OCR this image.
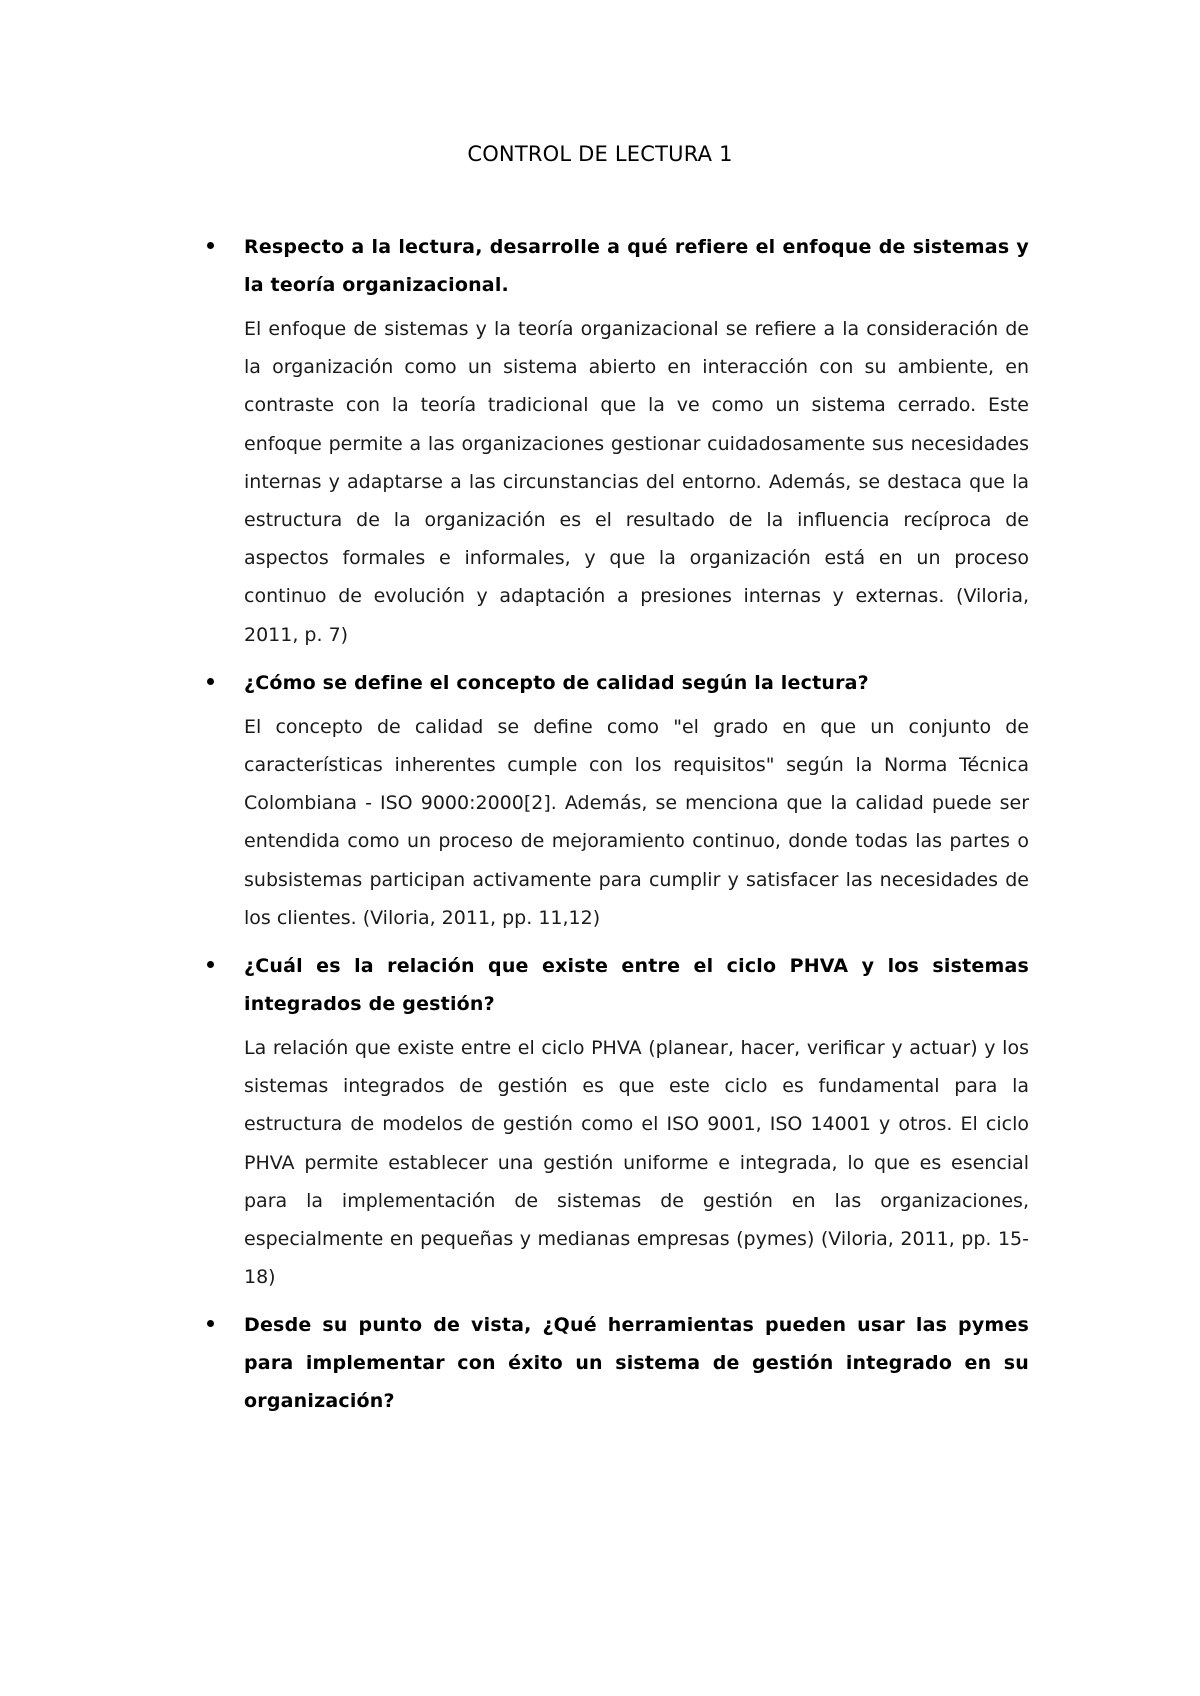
CONTROL DE LECTURA 1

Respecto a la lectura, desarrolle a qué refiere el enfoque de sistemas y la teoría organizacional.

El enfoque de sistemas y la teoría organizacional se refiere a la consideración de la organización como un sistema abierto en interacción con su ambiente, en contraste con la teoría tradicional que la ve como un sistema cerrado. Este enfoque permite a las organizaciones gestionar cuidadosamente sus necesidades internas y adaptarse a las circunstancias del entorno. Además, se destaca que la estructura de la organización es el resultado de la influencia recíproca de aspectos formales e informales, y que la organización está en un proceso continuo de evolución y adaptación a presiones internas y externas. (Viloria, 2011, p. 7)

¿Cómo se define el concepto de calidad según la lectura?

El concepto de calidad se define como "el grado en que un conjunto de características inherentes cumple con los requisitos" según la Norma Técnica Colombiana - ISO 9000:2000[2]. Además, se menciona que la calidad puede ser entendida como un proceso de mejoramiento continuo, donde todas las partes o subsistemas participan activamente para cumplir y satisfacer las necesidades de los clientes. (Viloria, 2011, pp. 11,12)

¿Cuál es la relación que existe entre el ciclo PHVA y los sistemas integrados de gestión?

La relación que existe entre el ciclo PHVA (planear, hacer, verificar y actuar) y los sistemas integrados de gestión es que este ciclo es fundamental para la estructura de modelos de gestión como el ISO 9001, ISO 14001 y otros. El ciclo PHVA permite establecer una gestión uniforme e integrada, lo que es esencial para la implementación de sistemas de gestión en las organizaciones, especialmente en pequeñas y medianas empresas (pymes) (Viloria, 2011, pp. 15-18)

Desde su punto de vista, ¿Qué herramientas pueden usar las pymes para implementar con éxito un sistema de gestión integrado en su organización?
